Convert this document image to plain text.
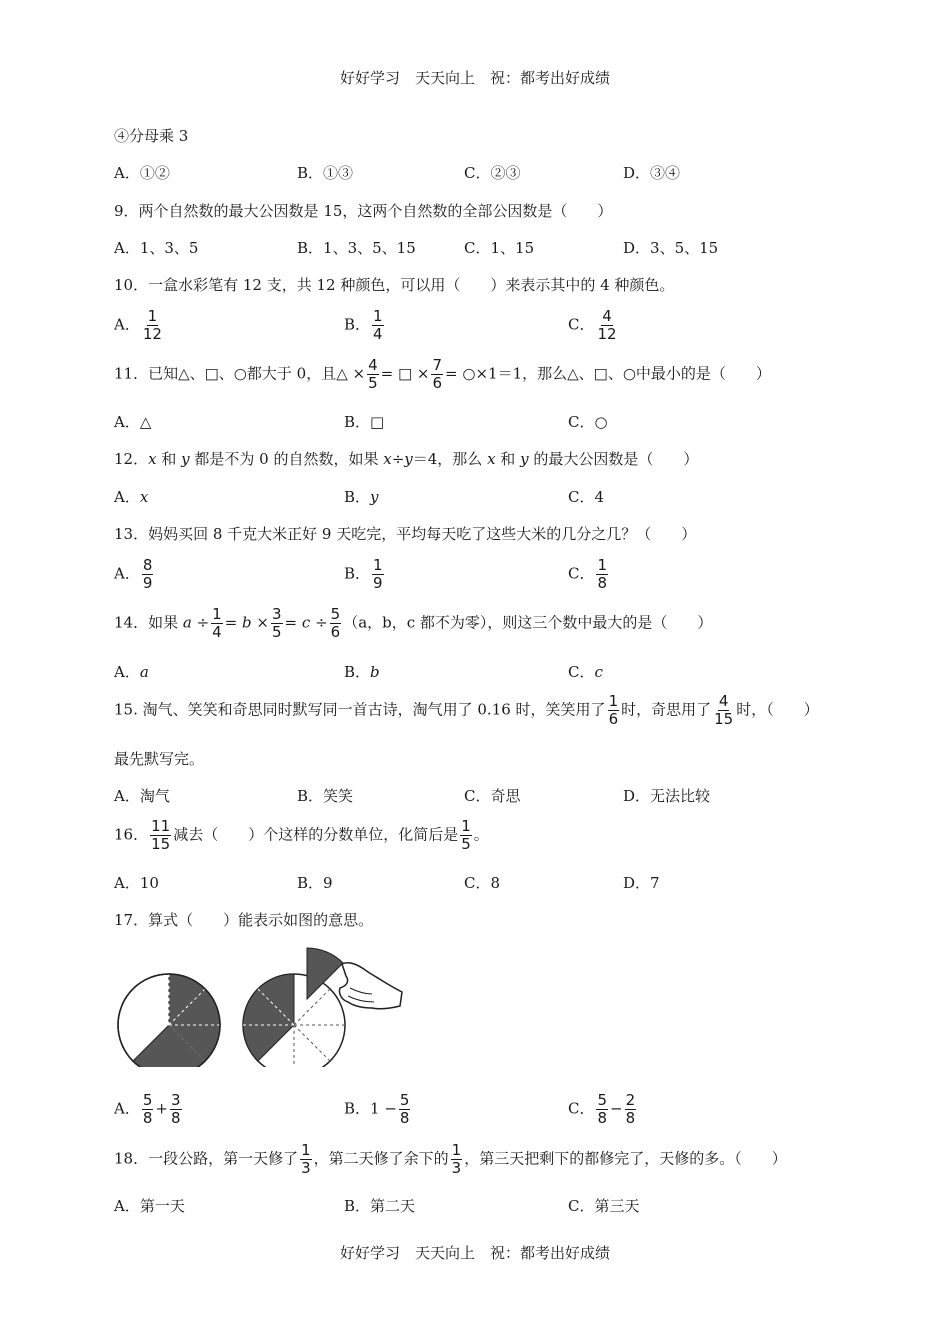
好好学习　天天向上　祝：都考出好成绩
④分母乘 3
A．①②	B．①③	C．②③	D．③④
9．两个自然数的最大公因数是 15，这两个自然数的全部公因数是（　　）
A．1、3、5	B．1、3、5、15	C．1、15	D．3、5、15
10．一盒水彩笔有 12 支，共 12 种颜色，可以用（　　）来表示其中的 4 种颜色。
A． $\frac{1}{12}$	B． $\frac{1}{4}$	C． $\frac{4}{12}$
11．已知△、□、○都大于 0，且△ × $\frac{4}{5}$ = □ × $\frac{7}{6}$ = ○×1＝1，那么△、□、○中最小的是（　　）
A．△	B．□	C．○
12．x 和 y 都是不为 0 的自然数，如果 x÷y＝4，那么 x 和 y 的最大公因数是（　　）
A．x	B．y	C．4
13．妈妈买回 8 千克大米正好 9 天吃完，平均每天吃了这些大米的几分之几？（　　）
A． $\frac{8}{9}$	B． $\frac{1}{9}$	C． $\frac{1}{8}$
14．如果 $a \div \frac{1}{4} = b \times \frac{3}{5} = c \div \frac{5}{6} (a$，b，c 都不为零），则这三个数中最大的是（　　）
A．a	B．b	C．c
15. 淘气、笑笑和奇思同时默写同一首古诗，淘气用了 0.16 时，笑笑用了 $\frac{1}{6}$ 时，奇思用了 $\frac{4}{15}$ 时，（　　）
最先默写完。
A．淘气	B．笑笑	C．奇思	D．无法比较
16． $\frac{11}{15}$ 减去（　　）个这样的分数单位，化简后是 $\frac{1}{5}$ 。
A．10	B．9	C．8	D．7
17．算式（　　）能表示如图的意思。
A． $\frac{5}{8} + \frac{3}{8}$	B．$1 - \frac{5}{8}$	C． $\frac{5}{8} - \frac{2}{8}$
18．一段公路，第一天修了 $\frac{1}{3}$ ，第二天修了余下的 $\frac{1}{3}$ ，第三天把剩下的都修完了，天修的多。（　　）
A．第一天	B．第二天	C．第三天
好好学习　天天向上　祝：都考出好成绩
